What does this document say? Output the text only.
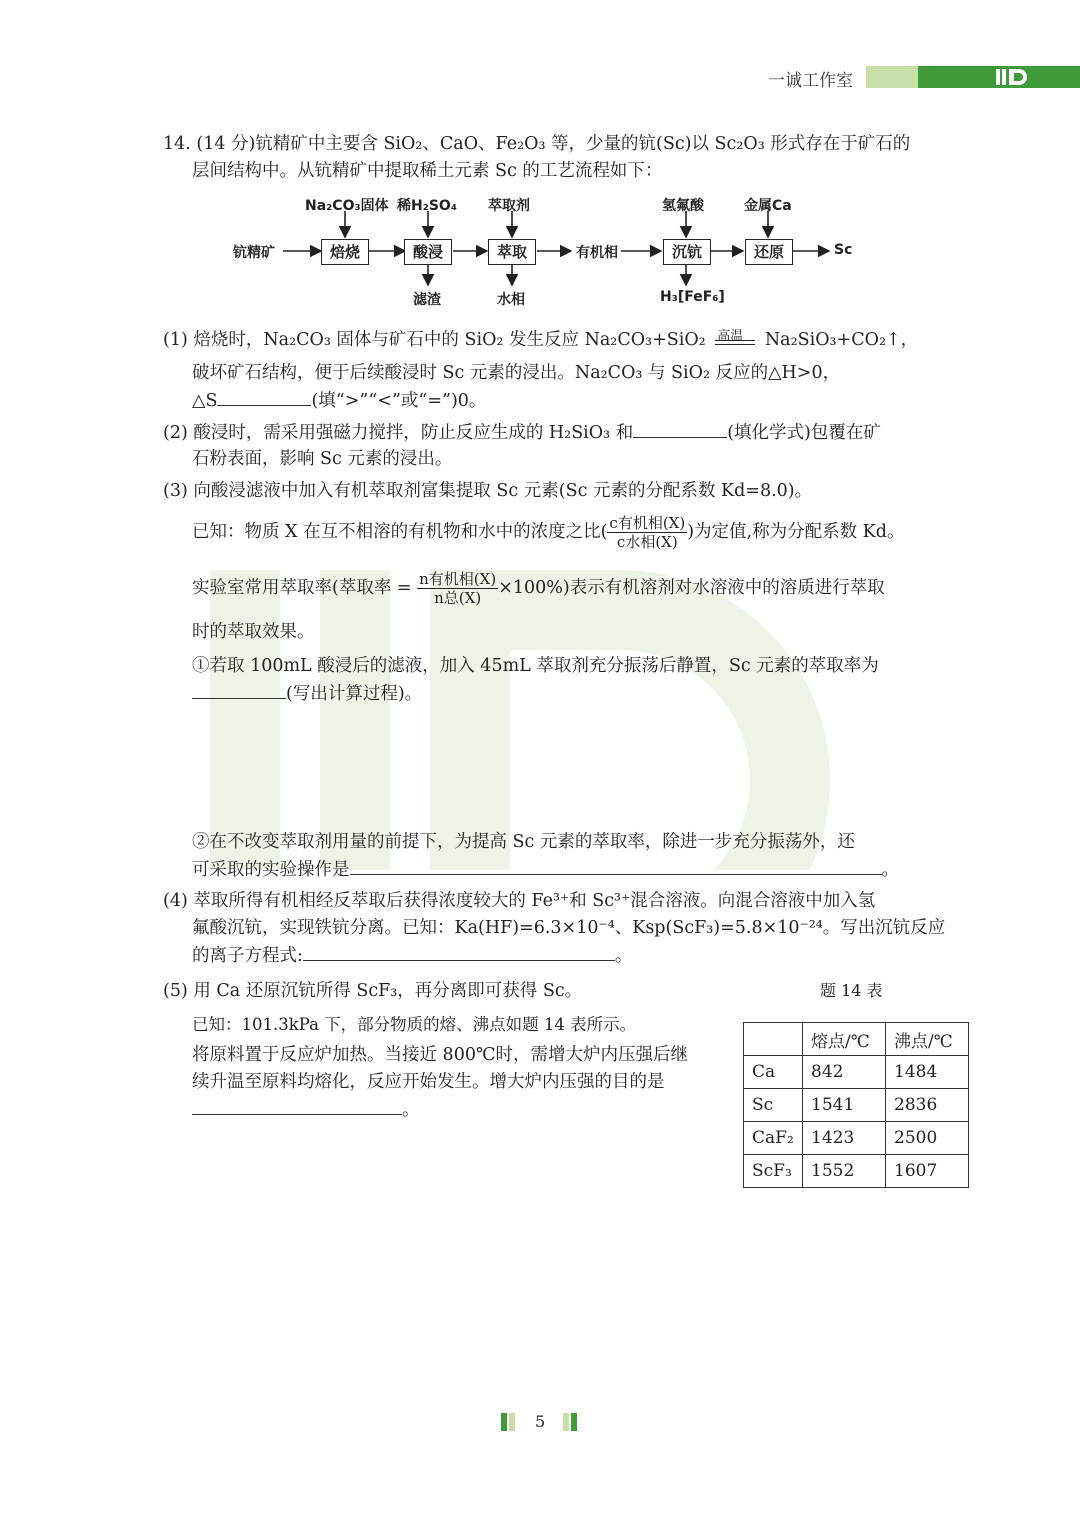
一诚工作室
14. (14 分)钪精矿中主要含 SiO₂、CaO、Fe₂O₃ 等，少量的钪(Sc)以 Sc₂O₃ 形式存在于矿石的
层间结构中。从钪精矿中提取稀土元素 Sc 的工艺流程如下：
钪精矿	焙烧	酸浸	萃取	有机相	沉钪	还原	Sc
Na₂CO₃固体 稀H₂SO₄ 萃取剂	氢氟酸	金属Ca
滤渣	水相	H₃[FeF₆]
(1) 焙烧时，Na₂CO₃ 固体与矿石中的 SiO₂ 发生反应 Na₂CO₃+SiO₂ 高温 Na₂SiO₃+CO₂↑，
破坏矿石结构，便于后续酸浸时 Sc 元素的浸出。Na₂CO₃ 与 SiO₂ 反应的△H>0，
△S	(填“>”“<”或“=”)0。
(2) 酸浸时，需采用强磁力搅拌，防止反应生成的 H₂SiO₃ 和	(填化学式)包覆在矿
石粉表面，影响 Sc 元素的浸出。
(3) 向酸浸滤液中加入有机萃取剂富集提取 Sc 元素(Sc 元素的分配系数 Kd=8.0)。
已知：物质 X 在互不相溶的有机物和水中的浓度之比( $\frac{\text{c有机相(X)}}{\text{c水相(X)}}$ )为定值,称为分配系数 Kd。
实验室常用萃取率(萃取率 = $\frac{\text{n有机相(X)}}{\text{n总(X)}} \times 100\%$)表示有机溶剂对水溶液中的溶质进行萃取
时的萃取效果。
①若取 100mL 酸浸后的滤液，加入 45mL 萃取剂充分振荡后静置，Sc 元素的萃取率为
(写出计算过程)。
②在不改变萃取剂用量的前提下，为提高 Sc 元素的萃取率，除进一步充分振荡外，还
可采取的实验操作是	。
(4) 萃取所得有机相经反萃取后获得浓度较大的 Fe³⁺和 Sc³⁺混合溶液。向混合溶液中加入氢
氟酸沉钪，实现铁钪分离。已知：Ka(HF)=6.3×10⁻⁴、Ksp(ScF₃)=5.8×10⁻²⁴。写出沉钪反应
的离子方程式:	。
(5) 用 Ca 还原沉钪所得 ScF₃，再分离即可获得 Sc。	题 14 表
已知：101.3kPa 下，部分物质的熔、沸点如题 14 表所示。
将原料置于反应炉加热。当接近 800℃时，需增大炉内压强后继
续升温至原料均熔化，反应开始发生。增大炉内压强的目的是
。
	熔点/℃	沸点/℃
Ca	842	1484
Sc	1541	2836
CaF₂	1423	2500
ScF₃	1552	1607
5
